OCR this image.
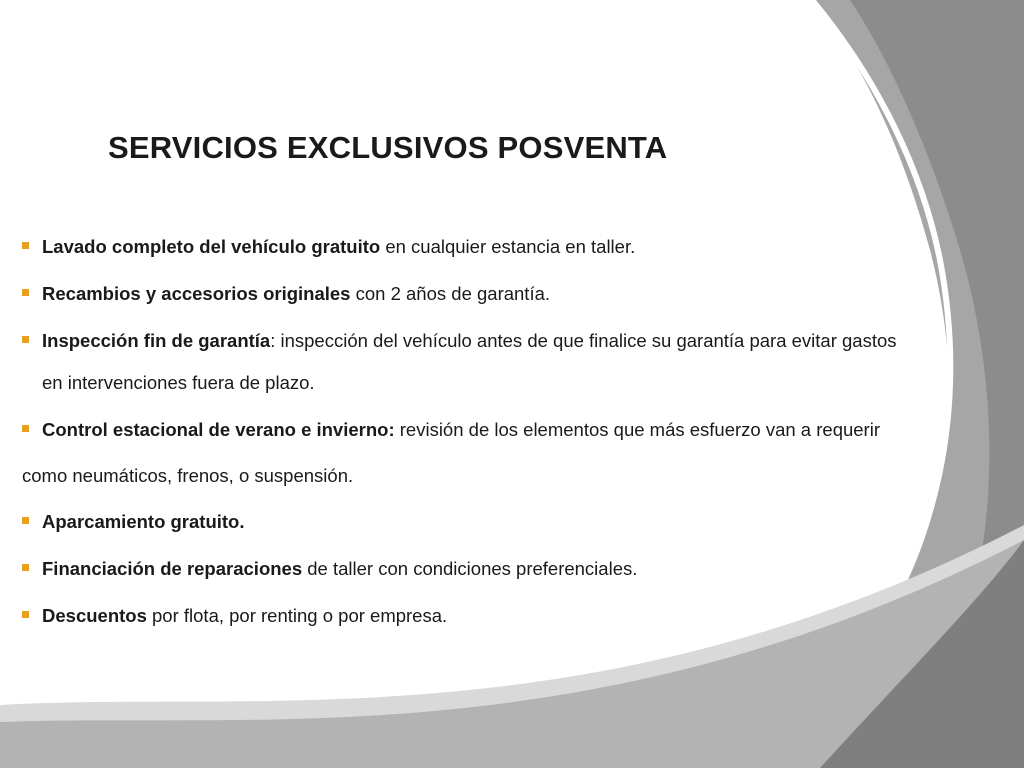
SERVICIOS EXCLUSIVOS POSVENTA
Lavado completo del vehículo gratuito en cualquier estancia en taller.
Recambios y accesorios originales con 2 años de garantía.
Inspección fin de garantía: inspección del vehículo antes de que finalice su garantía para evitar gastos en intervenciones fuera de plazo.
Control estacional de verano e invierno: revisión de los elementos que más esfuerzo van a requerir
como neumáticos, frenos, o suspensión.
Aparcamiento gratuito.
Financiación de reparaciones de taller con condiciones preferenciales.
Descuentos por flota, por renting o por empresa.
